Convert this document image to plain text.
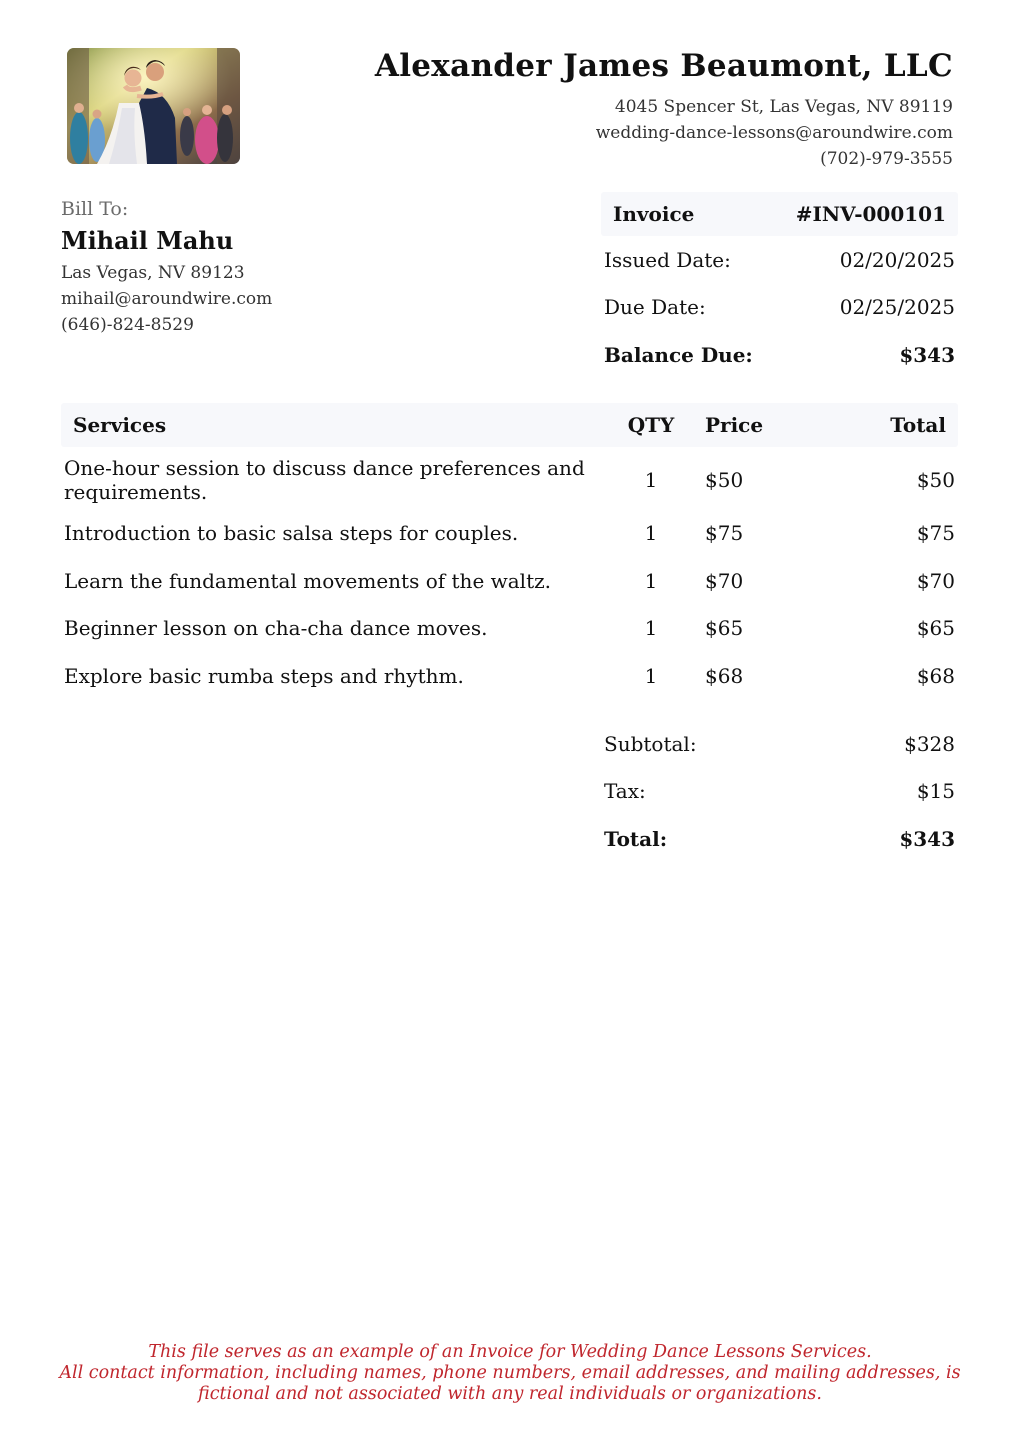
Alexander James Beaumont, LLC
4045 Spencer St, Las Vegas, NV 89119
wedding-dance-lessons@aroundwire.com
(702)-979-3555
Bill To:
Mihail Mahu
Las Vegas, NV 89123
mihail@aroundwire.com
(646)-824-8529
Invoice	#INV-000101
Issued Date:	02/20/2025
Due Date:	02/25/2025
Balance Due:	$343
Services	QTY	Price	Total
One-hour session to discuss dance preferences and requirements.	1	$50	$50
Introduction to basic salsa steps for couples.	1	$75	$75
Learn the fundamental movements of the waltz.	1	$70	$70
Beginner lesson on cha-cha dance moves.	1	$65	$65
Explore basic rumba steps and rhythm.	1	$68	$68
Subtotal:	$328
Tax:	$15
Total:	$343
This file serves as an example of an Invoice for Wedding Dance Lessons Services.
All contact information, including names, phone numbers, email addresses, and mailing addresses, is
fictional and not associated with any real individuals or organizations.
